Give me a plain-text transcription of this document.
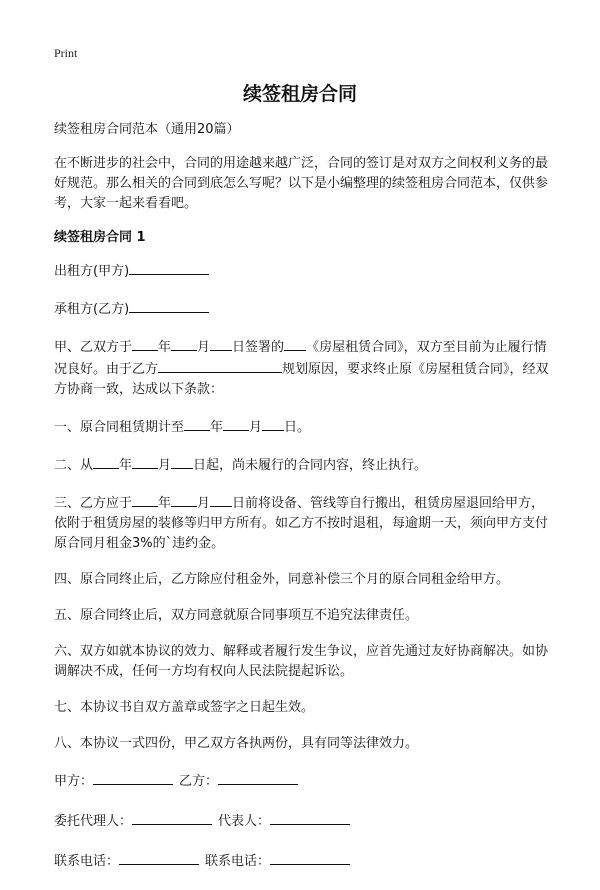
Print
续签租房合同

续签租房合同范本（通用20篇）

在不断进步的社会中，合同的用途越来越广泛，合同的签订是对双方之间权利义务的最好规范。那么相关的合同到底怎么写呢？以下是小编整理的续签租房合同范本，仅供参考，大家一起来看看吧。

续签租房合同 1

出租方(甲方)

承租方(乙方)

甲、乙双方于 年 月 日签署的 《房屋租赁合同》，双方至目前为止履行情况良好。由于乙方	规划原因，要求终止原《房屋租赁合同》，经双方协商一致，达成以下条款：

一、原合同租赁期计至 年 月 日。

二、从 年 月 日起，尚未履行的合同内容，终止执行。

三、乙方应于 年 月 日前将设备、管线等自行搬出，租赁房屋退回给甲方，依附于租赁房屋的装修等归甲方所有。如乙方不按时退租，每逾期一天，须向甲方支付原合同月租金3%的`违约金。

四、原合同终止后，乙方除应付租金外，同意补偿三个月的原合同租金给甲方。

五、原合同终止后，双方同意就原合同事项互不追究法律责任。

六、双方如就本协议的效力、解释或者履行发生争议，应首先通过友好协商解决。如协调解决不成，任何一方均有权向人民法院提起诉讼。

七、本协议书自双方盖章或签字之日起生效。

八、本协议一式四份，甲乙双方各执两份，具有同等法律效力。

甲方：	乙方：

委托代理人：	代表人：

联系电话：	联系电话：
